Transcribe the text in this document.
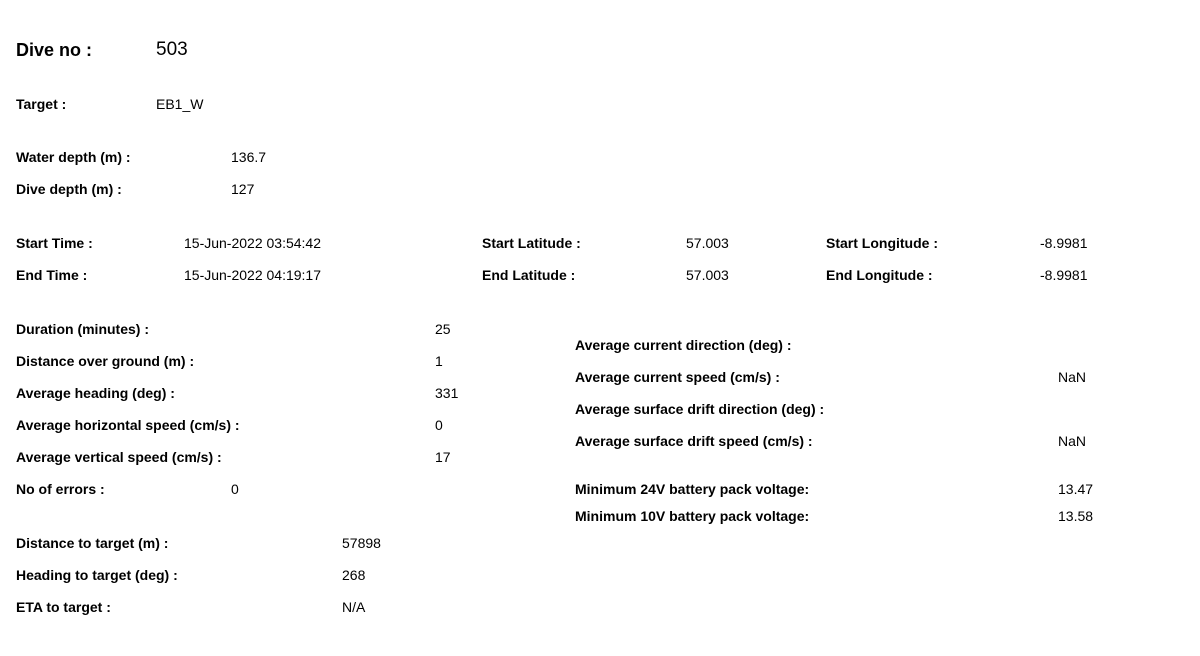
Dive no :	503
Target :	EB1_W
Water depth (m) :	136.7
Dive depth (m) :	127
Start Time :	15-Jun-2022 03:54:42
End Time :	15-Jun-2022 04:19:17
Start Latitude :	57.003
End Latitude :	57.003
Start Longitude :	-8.9981
End Longitude :	-8.9981
Duration (minutes) :	25
Distance over ground (m) :	1
Average heading (deg) :	331
Average horizontal speed (cm/s) :	0
Average vertical speed (cm/s) :	17
No of errors :	0
Average current direction (deg) :
Average current speed (cm/s) :	NaN
Average surface drift direction (deg) :
Average surface drift speed (cm/s) :	NaN
Minimum 24V battery pack voltage:	13.47
Minimum 10V battery pack voltage:	13.58
Distance to target (m) :	57898
Heading to target (deg) :	268
ETA to target :	N/A
